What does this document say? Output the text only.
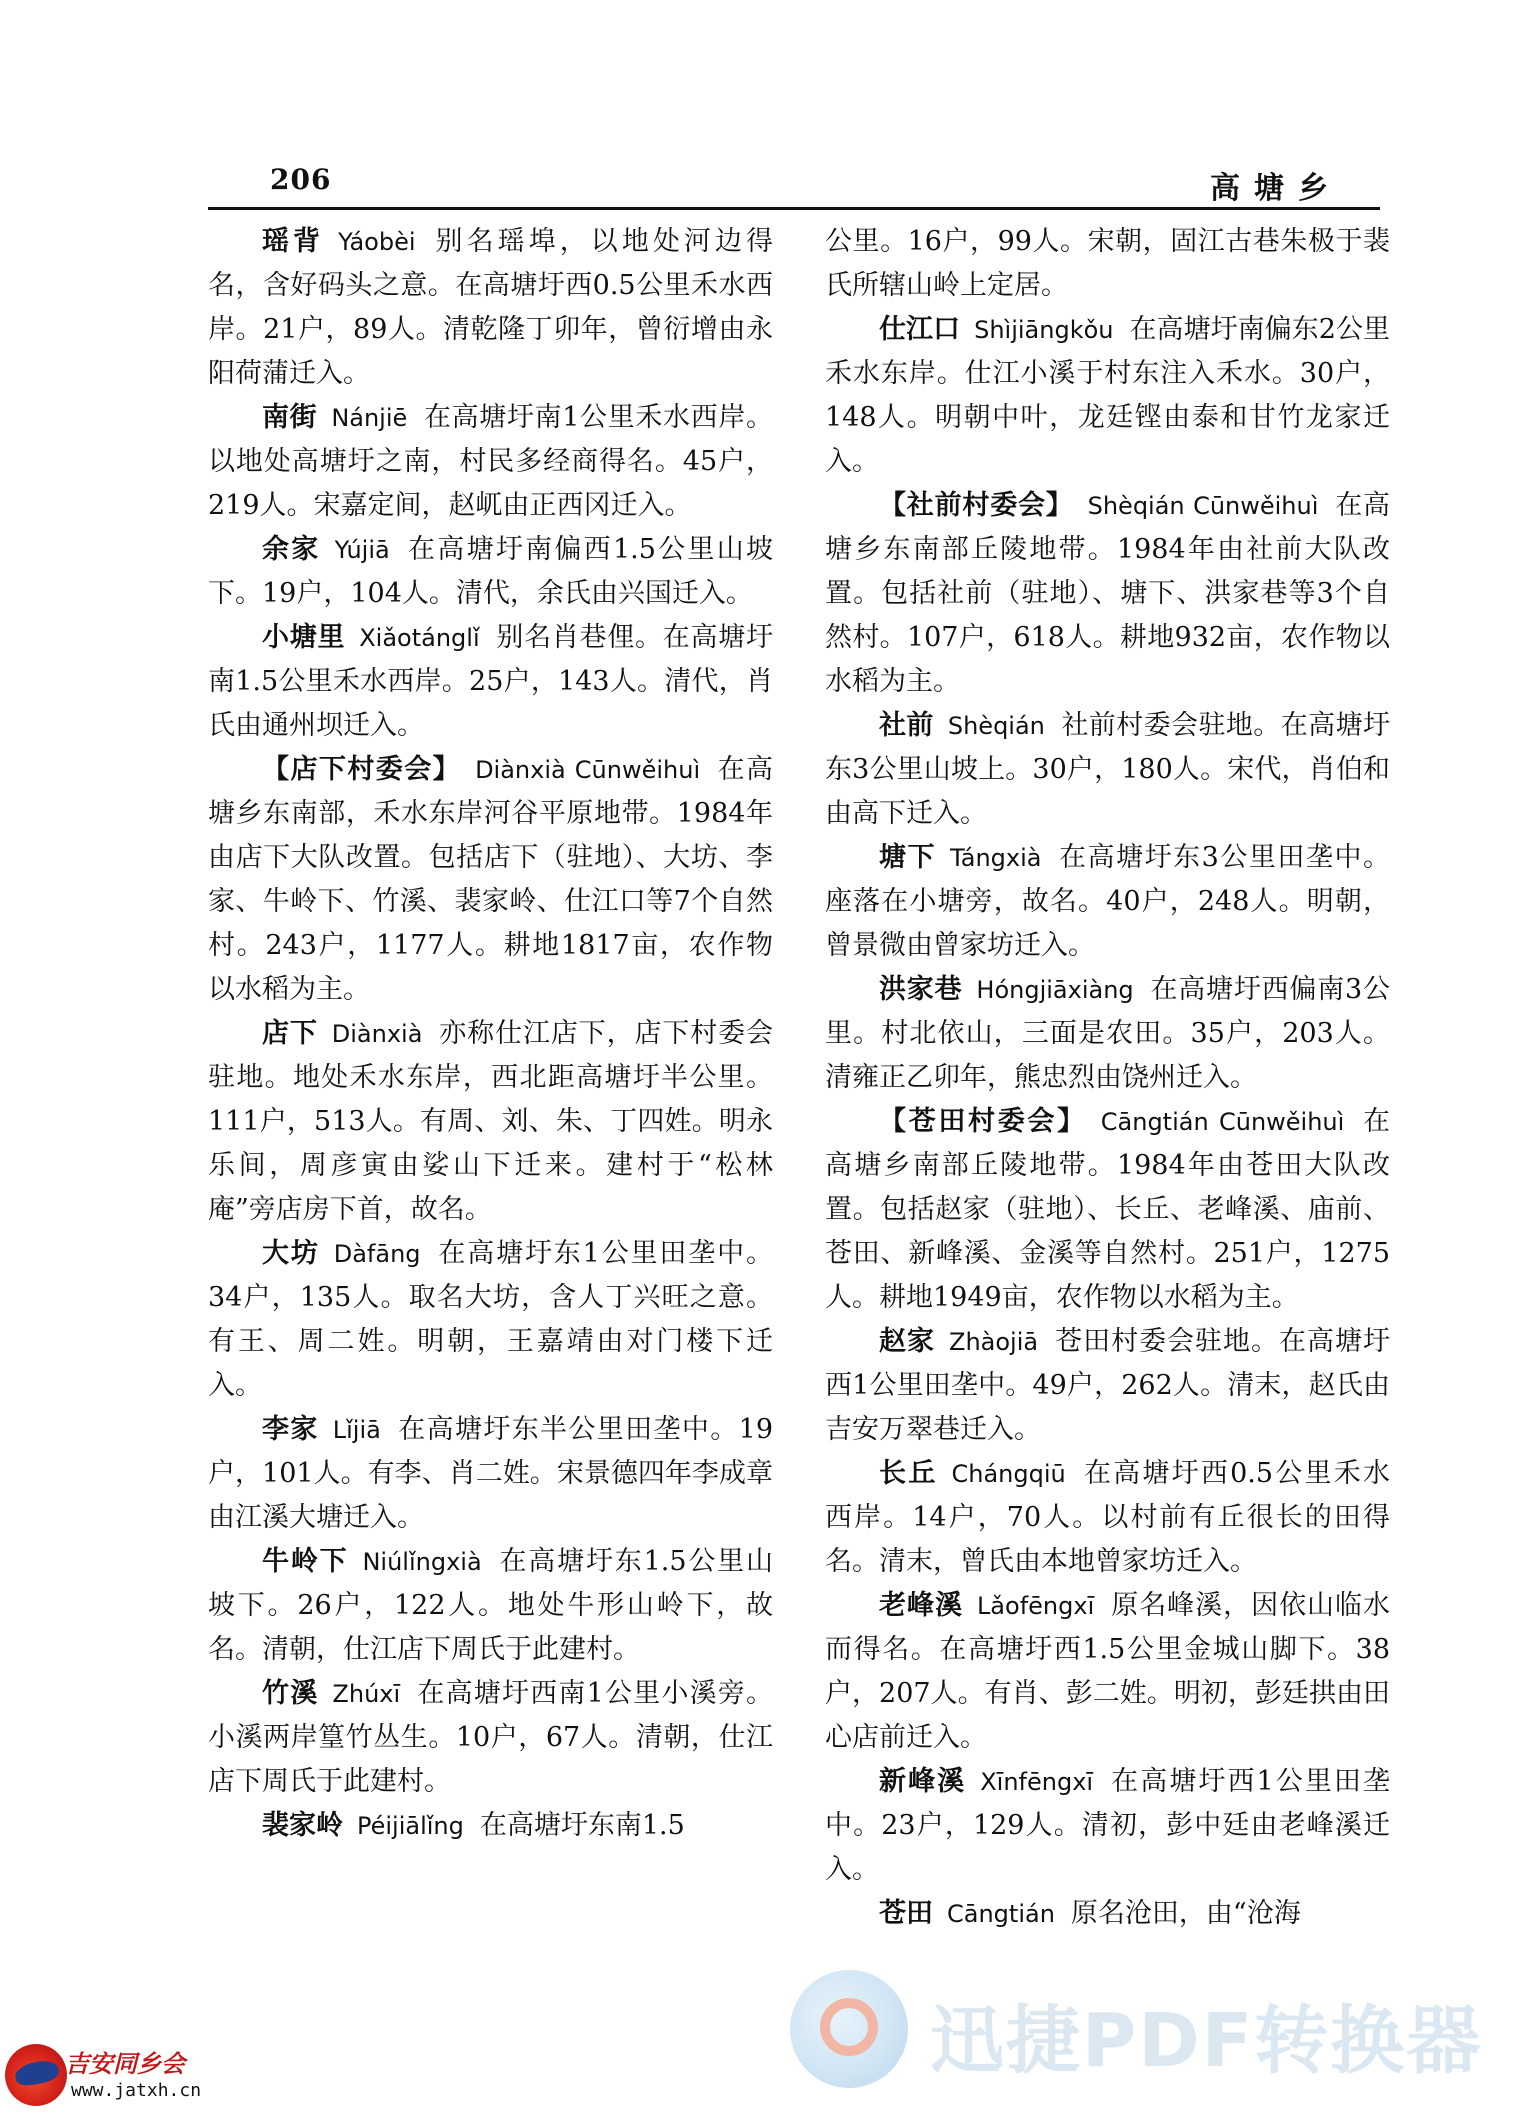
206	高塘乡

瑶背 Yáobèi 别名瑶埠，以地处河边得名，含好码头之意。在高塘圩西0.5公里禾水西岸。21户，89人。清乾隆丁卯年，曾衍增由永阳荷蒲迁入。

南街 Nánjiē 在高塘圩南1公里禾水西岸。以地处高塘圩之南，村民多经商得名。45户，219人。宋嘉定间，赵屼由正西冈迁入。

余家 Yújiā 在高塘圩南偏西1.5公里山坡下。19户，104人。清代，余氏由兴国迁入。

小塘里 Xiǎotánglǐ 别名肖巷俚。在高塘圩南1.5公里禾水西岸。25户，143人。清代，肖氏由通州坝迁入。

【店下村委会】 Diànxià Cūnwěihuì 在高塘乡东南部，禾水东岸河谷平原地带。1984年由店下大队改置。包括店下（驻地）、大坊、李家、牛岭下、竹溪、裴家岭、仕江口等7个自然村。243户，1177人。耕地1817亩，农作物以水稻为主。

店下 Diànxià 亦称仕江店下，店下村委会驻地。地处禾水东岸，西北距高塘圩半公里。111户，513人。有周、刘、朱、丁四姓。明永乐间，周彦寅由娑山下迁来。建村于“松林庵”旁店房下首，故名。

大坊 Dàfāng 在高塘圩东1公里田垄中。34户，135人。取名大坊，含人丁兴旺之意。有王、周二姓。明朝，王嘉靖由对门楼下迁入。

李家 Lǐjiā 在高塘圩东半公里田垄中。19户，101人。有李、肖二姓。宋景德四年李成章由江溪大塘迁入。

牛岭下 Niúlǐngxià 在高塘圩东1.5公里山坡下。26户，122人。地处牛形山岭下，故名。清朝，仕江店下周氏于此建村。

竹溪 Zhúxī 在高塘圩西南1公里小溪旁。小溪两岸篁竹丛生。10户，67人。清朝，仕江店下周氏于此建村。

裴家岭 Péijiālǐng 在高塘圩东南1.5

公里。16户，99人。宋朝，固江古巷朱极于裴氏所辖山岭上定居。

仕江口 Shìjiāngkǒu 在高塘圩南偏东2公里禾水东岸。仕江小溪于村东注入禾水。30户，148人。明朝中叶，龙廷铿由泰和甘竹龙家迁入。

【社前村委会】 Shèqián Cūnwěihuì 在高塘乡东南部丘陵地带。1984年由社前大队改置。包括社前（驻地）、塘下、洪家巷等3个自然村。107户，618人。耕地932亩，农作物以水稻为主。

社前 Shèqián 社前村委会驻地。在高塘圩东3公里山坡上。30户，180人。宋代，肖伯和由高下迁入。

塘下 Tángxià 在高塘圩东3公里田垄中。座落在小塘旁，故名。40户，248人。明朝，曾景微由曾家坊迁入。

洪家巷 Hóngjiāxiàng 在高塘圩西偏南3公里。村北依山，三面是农田。35户，203人。清雍正乙卯年，熊忠烈由饶州迁入。

【苍田村委会】 Cāngtián Cūnwěihuì 在高塘乡南部丘陵地带。1984年由苍田大队改置。包括赵家（驻地）、长丘、老峰溪、庙前、苍田、新峰溪、金溪等自然村。251户，1275人。耕地1949亩，农作物以水稻为主。

赵家 Zhàojiā 苍田村委会驻地。在高塘圩西1公里田垄中。49户，262人。清末，赵氏由吉安万翠巷迁入。

长丘 Chángqiū 在高塘圩西0.5公里禾水西岸。14户，70人。以村前有丘很长的田得名。清末，曾氏由本地曾家坊迁入。

老峰溪 Lǎofēngxī 原名峰溪，因依山临水而得名。在高塘圩西1.5公里金城山脚下。38户，207人。有肖、彭二姓。明初，彭廷拱由田心店前迁入。

新峰溪 Xīnfēngxī 在高塘圩西1公里田垄中。23户，129人。清初，彭中廷由老峰溪迁入。

苍田 Cāngtián 原名沧田，由“沧海

迅捷PDF转换器
吉安同乡会
www.jatxh.cn
